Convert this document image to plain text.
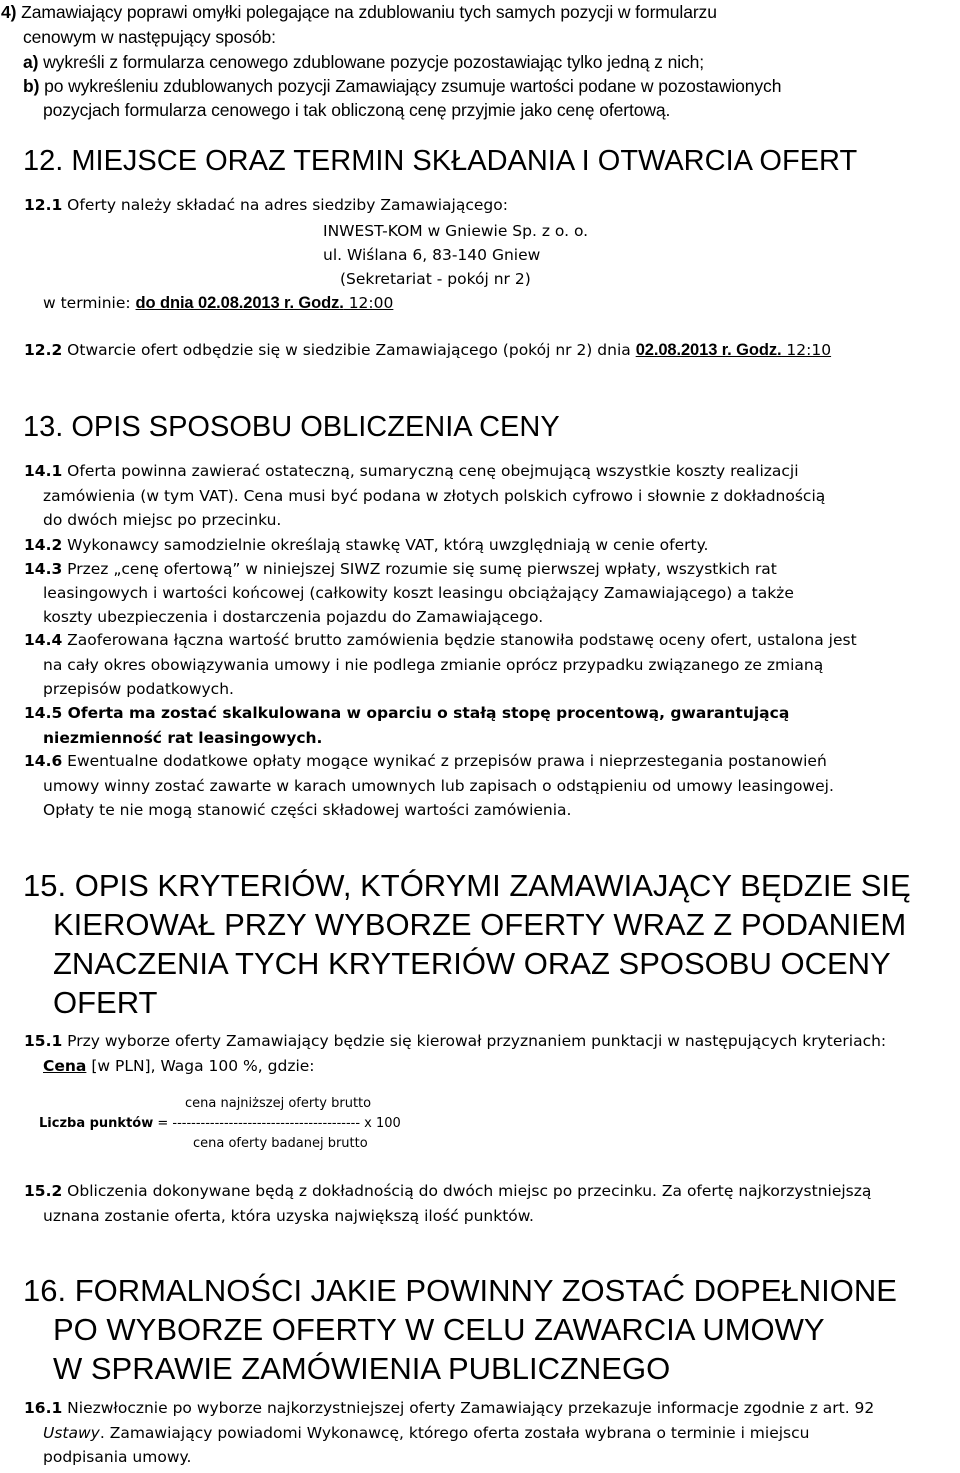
4) Zamawiający poprawi omyłki polegające na zdublowaniu tych samych pozycji w formularzu
cenowym w następujący sposób:
a) wykreśli z formularza cenowego zdublowane pozycje pozostawiając tylko jedną z nich;
b) po wykreśleniu zdublowanych pozycji Zamawiający zsumuje wartości podane w pozostawionych
pozycjach formularza cenowego i tak obliczoną cenę przyjmie jako cenę ofertową.
12. MIEJSCE ORAZ TERMIN SKŁADANIA I OTWARCIA OFERT
12.1 Oferty należy składać na adres siedziby Zamawiającego:
INWEST-KOM w Gniewie Sp. z o. o.
ul. Wiślana 6, 83-140 Gniew
(Sekretariat - pokój nr 2)
w terminie: do dnia 02.08.2013 r. Godz. 12:00
12.2 Otwarcie ofert odbędzie się w siedzibie Zamawiającego (pokój nr 2) dnia 02.08.2013 r. Godz. 12:10
13. OPIS SPOSOBU OBLICZENIA CENY
14.1 Oferta powinna zawierać ostateczną, sumaryczną cenę obejmującą wszystkie koszty realizacji
zamówienia (w tym VAT). Cena musi być podana w złotych polskich cyfrowo i słownie z dokładnością
do dwóch miejsc po przecinku.
14.2 Wykonawcy samodzielnie określają stawkę VAT, którą uwzględniają w cenie oferty.
14.3 Przez „cenę ofertową” w niniejszej SIWZ rozumie się sumę pierwszej wpłaty, wszystkich rat
leasingowych i wartości końcowej (całkowity koszt leasingu obciążający Zamawiającego) a także
koszty ubezpieczenia i dostarczenia pojazdu do Zamawiającego.
14.4 Zaoferowana łączna wartość brutto zamówienia będzie stanowiła podstawę oceny ofert, ustalona jest
na cały okres obowiązywania umowy i nie podlega zmianie oprócz przypadku związanego ze zmianą
przepisów podatkowych.
14.5 Oferta ma zostać skalkulowana w oparciu o stałą stopę procentową, gwarantującą
niezmienność rat leasingowych.
14.6 Ewentualne dodatkowe opłaty mogące wynikać z przepisów prawa i nieprzestegania postanowień
umowy winny zostać zawarte w karach umownych lub zapisach o odstąpieniu od umowy leasingowej.
Opłaty te nie mogą stanowić części składowej wartości zamówienia.
15. OPIS KRYTERIÓW, KTÓRYMI ZAMAWIAJĄCY BĘDZIE SIĘ
KIEROWAŁ PRZY WYBORZE OFERTY WRAZ Z PODANIEM
ZNACZENIA TYCH KRYTERIÓW ORAZ SPOSOBU OCENY
OFERT
15.1 Przy wyborze oferty Zamawiający będzie się kierował przyznaniem punktacji w następujących kryteriach:
Cena [w PLN], Waga 100 %, gdzie:
cena najniższej oferty brutto
Liczba punktów = ---------------------------------------- x 100
cena oferty badanej brutto
15.2 Obliczenia dokonywane będą z dokładnością do dwóch miejsc po przecinku. Za ofertę najkorzystniejszą
uznana zostanie oferta, która uzyska największą ilość punktów.
16. FORMALNOŚCI JAKIE POWINNY ZOSTAĆ DOPEŁNIONE
PO WYBORZE OFERTY W CELU ZAWARCIA UMOWY
W SPRAWIE ZAMÓWIENIA PUBLICZNEGO
16.1 Niezwłocznie po wyborze najkorzystniejszej oferty Zamawiający przekazuje informacje zgodnie z art. 92
Ustawy. Zamawiający powiadomi Wykonawcę, którego oferta została wybrana o terminie i miejscu
podpisania umowy.
